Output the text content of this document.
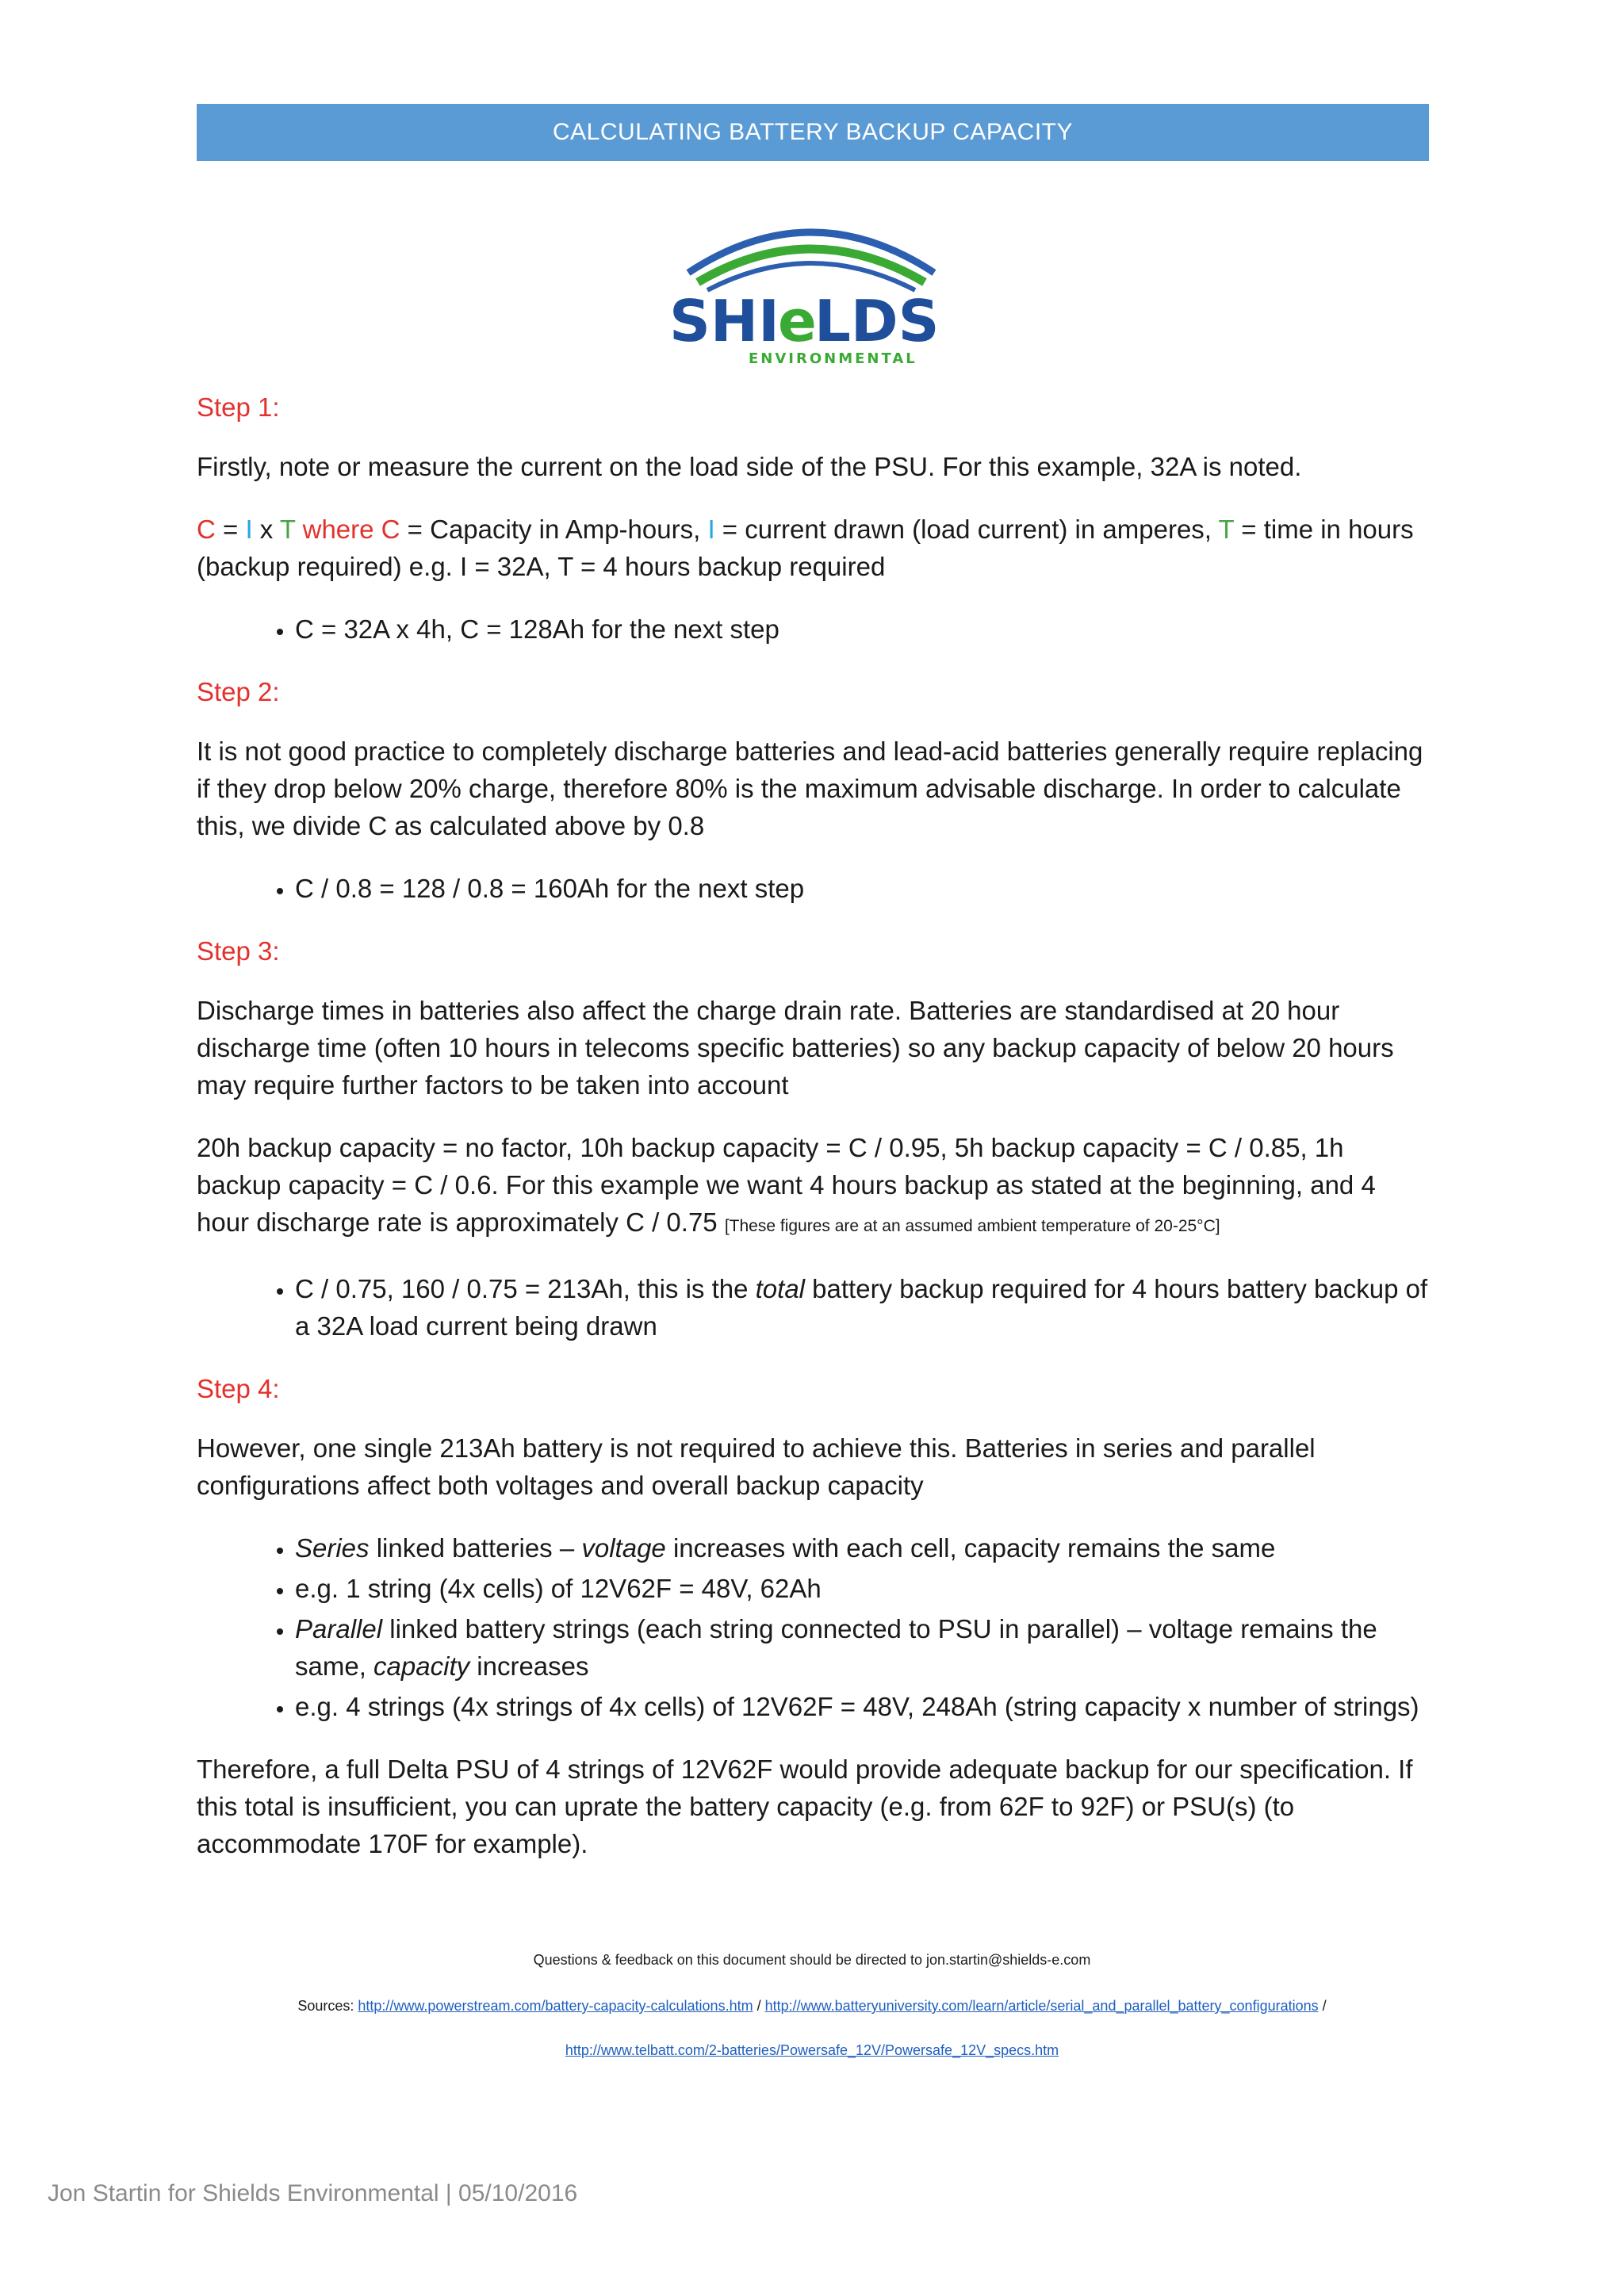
CALCULATING BATTERY BACKUP CAPACITY
SHI
e
LDS
ENVIRONMENTAL
Step 1:

Firstly, note or measure the current on the load side of the PSU. For this example, 32A is noted.

C = I x T where C = Capacity in Amp-hours, I = current drawn (load current) in amperes, T = time in hours (backup required) e.g. I = 32A, T = 4 hours backup required

• C = 32A x 4h, C = 128Ah for the next step
Step 2:

It is not good practice to completely discharge batteries and lead-acid batteries generally require replacing if they drop below 20% charge, therefore 80% is the maximum advisable discharge. In order to calculate this, we divide C as calculated above by 0.8

• C / 0.8 = 128 / 0.8 = 160Ah for the next step
Step 3:

Discharge times in batteries also affect the charge drain rate. Batteries are standardised at 20 hour discharge time (often 10 hours in telecoms specific batteries) so any backup capacity of below 20 hours may require further factors to be taken into account

20h backup capacity = no factor, 10h backup capacity = C / 0.95, 5h backup capacity = C / 0.85, 1h backup capacity = C / 0.6. For this example we want 4 hours backup as stated at the beginning, and 4 hour discharge rate is approximately C / 0.75 [These figures are at an assumed ambient temperature of 20-25°C]

• C / 0.75, 160 / 0.75 = 213Ah, this is the total battery backup required for 4 hours battery backup of a 32A load current being drawn
Step 4:

However, one single 213Ah battery is not required to achieve this. Batteries in series and parallel configurations affect both voltages and overall backup capacity

• Series linked batteries – voltage increases with each cell, capacity remains the same
• e.g. 1 string (4x cells) of 12V62F = 48V, 62Ah
• Parallel linked battery strings (each string connected to PSU in parallel) – voltage remains the same, capacity increases
• e.g. 4 strings (4x strings of 4x cells) of 12V62F = 48V, 248Ah (string capacity x number of strings)

Therefore, a full Delta PSU of 4 strings of 12V62F would provide adequate backup for our specification. If this total is insufficient, you can uprate the battery capacity (e.g. from 62F to 92F) or PSU(s) (to accommodate 170F for example).

Questions & feedback on this document should be directed to jon.startin@shields-e.com
Sources: http://www.powerstream.com/battery-capacity-calculations.htm / http://www.batteryuniversity.com/learn/article/serial_and_parallel_battery_configurations /
http://www.telbatt.com/2-batteries/Powersafe_12V/Powersafe_12V_specs.htm
Jon Startin for Shields Environmental | 05/10/2016
